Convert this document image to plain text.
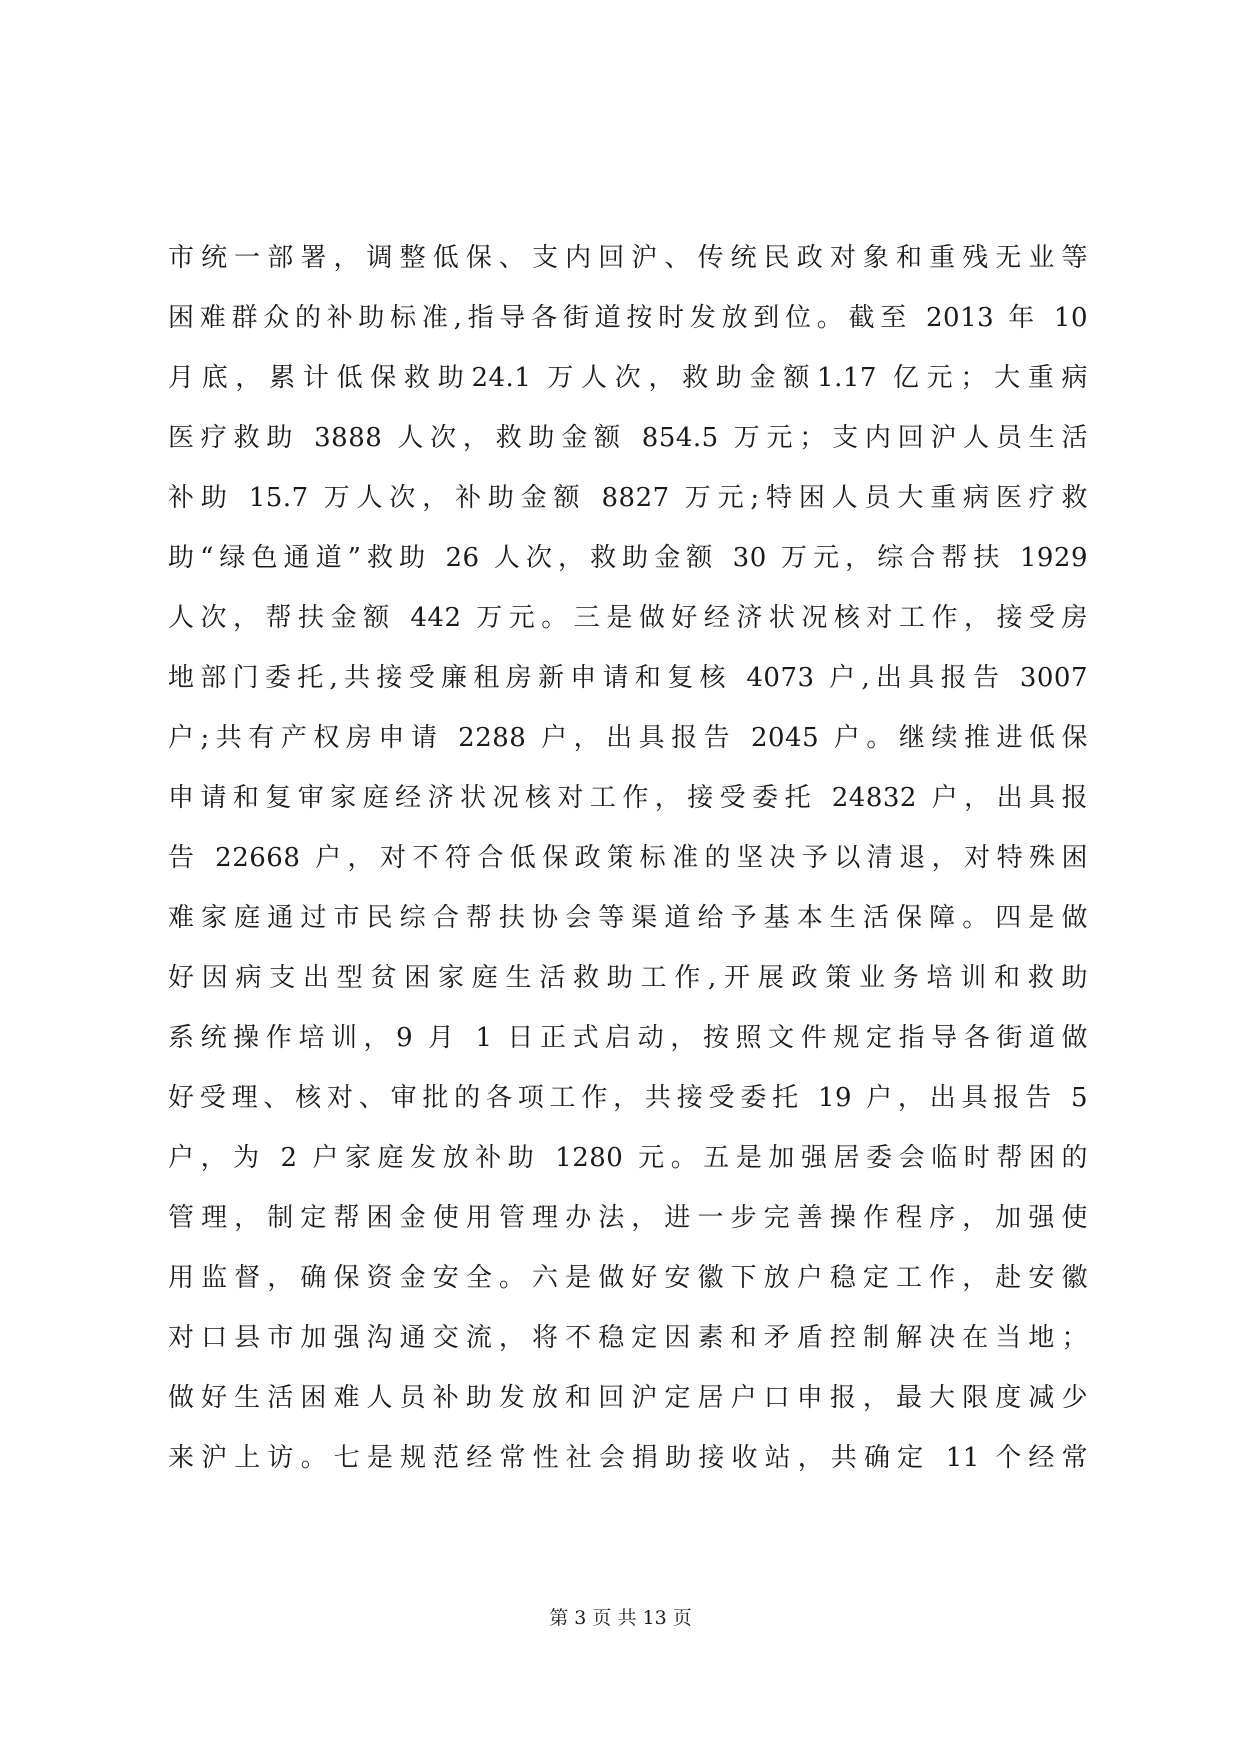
市统一部署，调整低保、支内回沪、传统民政对象和重残无业等
困难群众的补助标准,指导各街道按时发放到位。截至 2013 年 10
月底，累计低保救助24.1 万人次，救助金额1.17 亿元；大重病
医疗救助 3888 人次，救助金额 854.5 万元；支内回沪人员生活
补助 15.7 万人次，补助金额 8827 万元;特困人员大重病医疗救
助“绿色通道”救助 26 人次，救助金额 30 万元，综合帮扶 1929
人次，帮扶金额 442 万元。三是做好经济状况核对工作，接受房
地部门委托,共接受廉租房新申请和复核 4073 户,出具报告 3007
户;共有产权房申请 2288 户，出具报告 2045 户。继续推进低保
申请和复审家庭经济状况核对工作，接受委托 24832 户，出具报
告 22668 户，对不符合低保政策标准的坚决予以清退，对特殊困
难家庭通过市民综合帮扶协会等渠道给予基本生活保障。四是做
好因病支出型贫困家庭生活救助工作,开展政策业务培训和救助
系统操作培训，9 月 1 日正式启动，按照文件规定指导各街道做
好受理、核对、审批的各项工作，共接受委托 19 户，出具报告 5
户，为 2 户家庭发放补助 1280 元。五是加强居委会临时帮困的
管理，制定帮困金使用管理办法，进一步完善操作程序，加强使
用监督，确保资金安全。六是做好安徽下放户稳定工作，赴安徽
对口县市加强沟通交流，将不稳定因素和矛盾控制解决在当地；
做好生活困难人员补助发放和回沪定居户口申报，最大限度减少
来沪上访。七是规范经常性社会捐助接收站，共确定 11 个经常
第 3 页 共 13 页
